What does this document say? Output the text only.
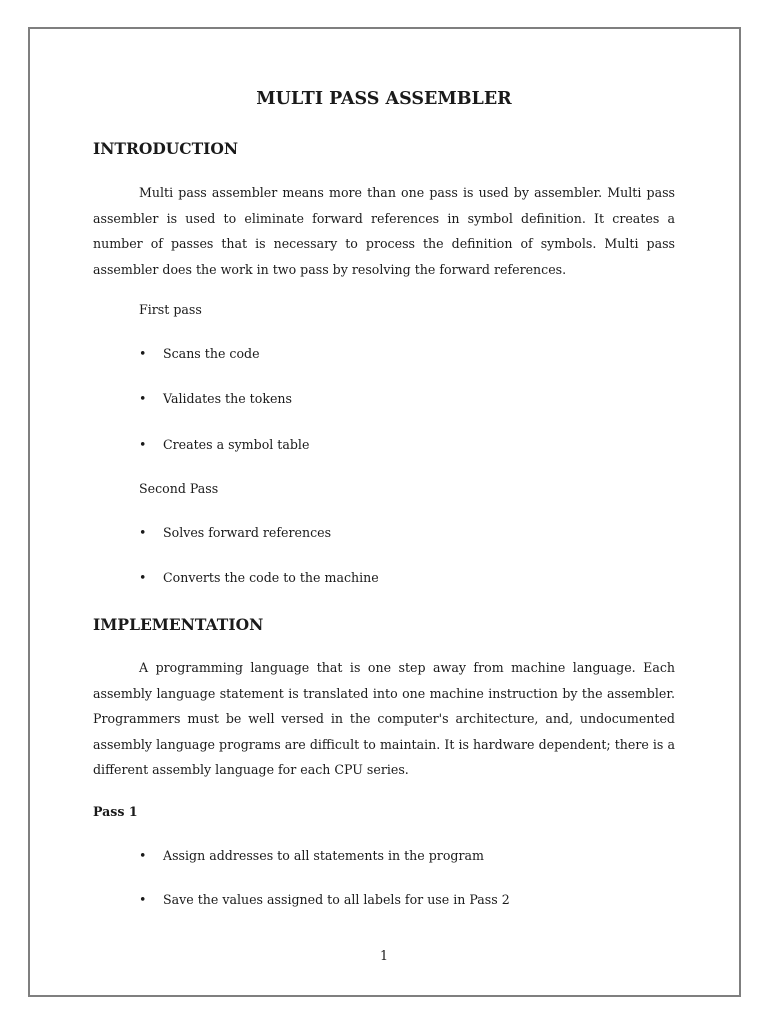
MULTI PASS ASSEMBLER
INTRODUCTION

Multi pass assembler means more than one pass is used by assembler. Multi pass assembler is used to eliminate forward references in symbol definition. It creates a number of passes that is necessary to process the definition of symbols. Multi pass assembler does the work in two pass by resolving the forward references.

First pass

• Scans the code
• Validates the tokens
• Creates a symbol table

Second Pass

• Solves forward references
• Converts the code to the machine
IMPLEMENTATION

A programming language that is one step away from machine language. Each assembly language statement is translated into one machine instruction by the assembler. Programmers must be well versed in the computer's architecture, and, undocumented assembly language programs are difficult to maintain. It is hardware dependent; there is a different assembly language for each CPU series.

Pass 1

• Assign addresses to all statements in the program
• Save the values assigned to all labels for use in Pass 2
1
